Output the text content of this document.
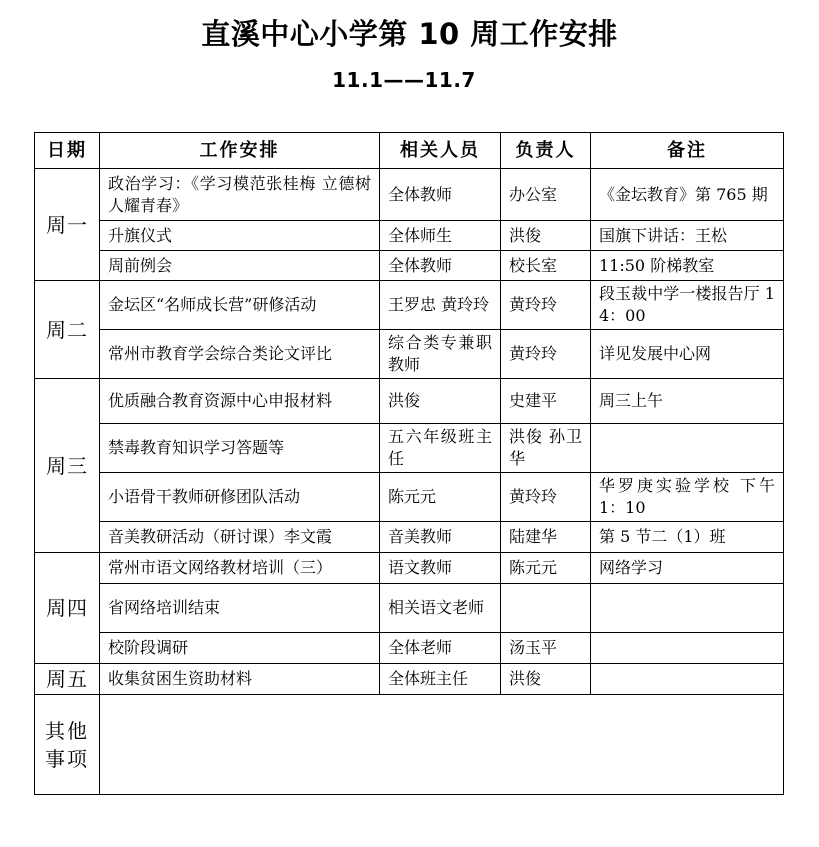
直溪中心小学第 10 周工作安排
11.1——11.7
日期	工作安排	相关人员	负责人	备注
周一	政治学习：《学习模范张桂梅 立德树人耀青春》	全体教师	办公室	《金坛教育》第 765 期
	升旗仪式	全体师生	洪俊	国旗下讲话：王松
	周前例会	全体教师	校长室	11:50 阶梯教室
周二	金坛区“名师成长营”研修活动	王罗忠 黄玲玲	黄玲玲	段玉裁中学一楼报告厅 14：00
	常州市教育学会综合类论文评比	综合类专兼职教师	黄玲玲	详见发展中心网
周三	优质融合教育资源中心申报材料	洪俊	史建平	周三上午
	禁毒教育知识学习答题等	五六年级班主任	洪俊 孙卫华	
	小语骨干教师研修团队活动	陈元元	黄玲玲	华罗庚实验学校 下午 1：10
	音美教研活动（研讨课）李文霞	音美教师	陆建华	第 5 节二（1）班
周四	常州市语文网络教材培训（三）	语文教师	陈元元	网络学习
	省网络培训结束	相关语文老师		
	校阶段调研	全体老师	汤玉平	
周五	收集贫困生资助材料	全体班主任	洪俊	

其他事项				
